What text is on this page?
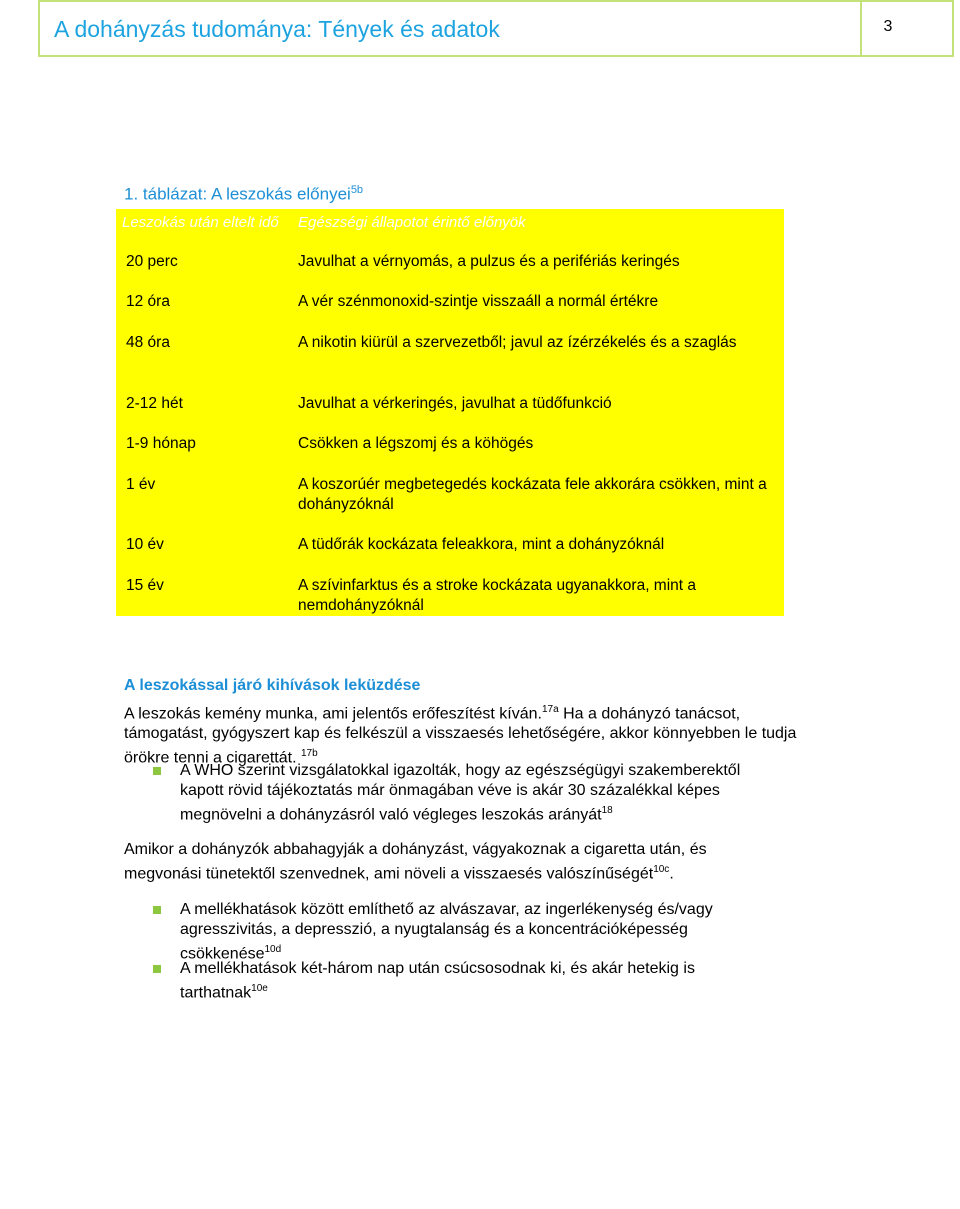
A dohányzás tudománya: Tények és adatok	3
1. táblázat: A leszokás előnyei$^{5b}$
Leszokás után eltelt idő	Egészségi állapotot érintő előnyök
20 perc	Javulhat a vérnyomás, a pulzus és a perifériás keringés
12 óra	A vér szénmonoxid-szintje visszaáll a normál értékre
48 óra	A nikotin kiürül a szervezetből; javul az ízérzékelés és a szaglás
2-12 hét	Javulhat a vérkeringés, javulhat a tüdőfunkció
1-9 hónap	Csökken a légszomj és a köhögés
1 év	A koszorúér megbetegedés kockázata fele akkorára csökken, mint a dohányzóknál
10 év	A tüdőrák kockázata feleakkora, mint a dohányzóknál
15 év	A szívinfarktus és a stroke kockázata ugyanakkora, mint a nemdohányzóknál
A leszokással járó kihívások leküzdése
A leszokás kemény munka, ami jelentős erőfeszítést kíván.$^{17a}$ Ha a dohányzó tanácsot, támogatást, gyógyszert kap és felkészül a visszaesés lehetőségére, akkor könnyebben le tudja örökre tenni a cigarettát. $^{17b}$
A WHO szerint vizsgálatokkal igazolták, hogy az egészségügyi szakemberektől kapott rövid tájékoztatás már önmagában véve is akár 30 százalékkal képes megnövelni a dohányzásról való végleges leszokás arányát$^{18}$
Amikor a dohányzók abbahagyják a dohányzást, vágyakoznak a cigaretta után, és megvonási tünetektől szenvednek, ami növeli a visszaesés valószínűségét$^{10c}$.
A mellékhatások között említhető az alvászavar, az ingerlékenység és/vagy agresszivitás, a depresszió, a nyugtalanság és a koncentrációképesség csökkenése$^{10d}$
A mellékhatások két-három nap után csúcsosodnak ki, és akár hetekig is tarthatnak$^{10e}$
